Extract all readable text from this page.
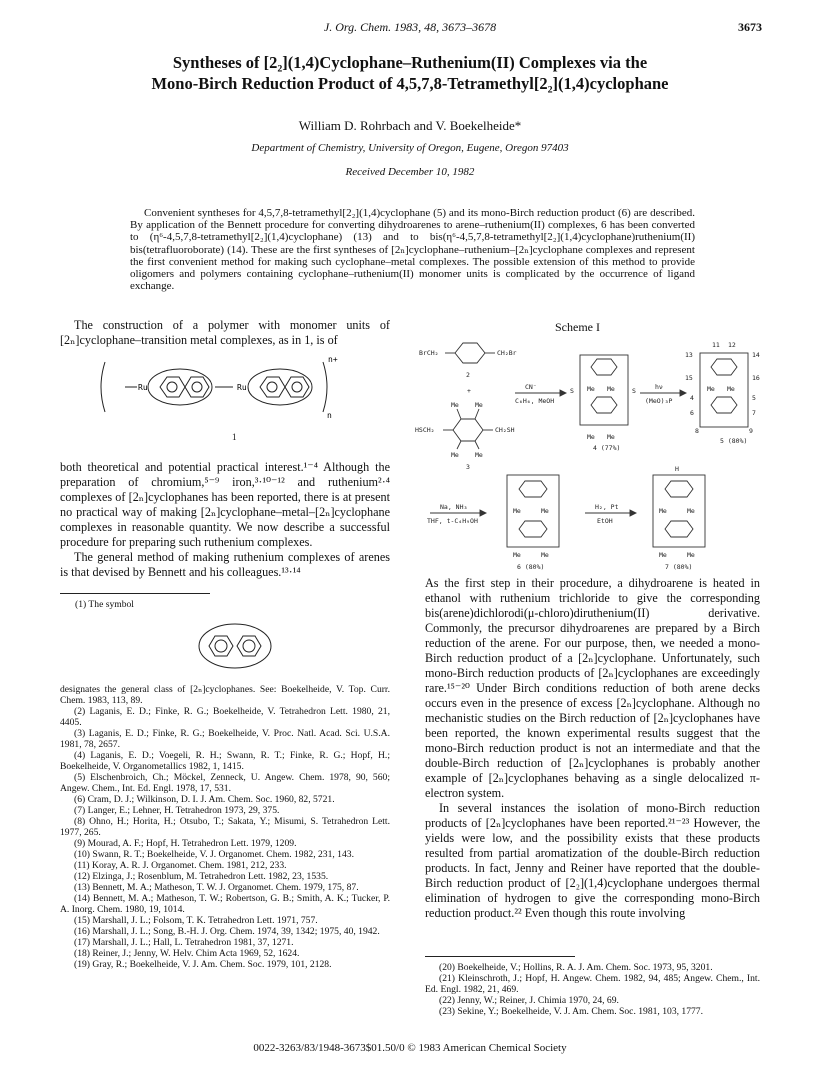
J. Org. Chem. 1983, 48, 3673–3678	3673
Syntheses of [2₂](1,4)Cyclophane–Ruthenium(II) Complexes via the
Mono-Birch Reduction Product of 4,5,7,8-Tetramethyl[2₂](1,4)cyclophane
William D. Rohrbach and V. Boekelheide*
Department of Chemistry, University of Oregon, Eugene, Oregon 97403
Received December 10, 1982
Convenient syntheses for 4,5,7,8-tetramethyl[2₂](1,4)cyclophane (5) and its mono-Birch reduction product (6) are described. By application of the Bennett procedure for converting dihydroarenes to arene–ruthenium(II) complexes, 6 has been converted to (η⁶-4,5,7,8-tetramethyl[2₂](1,4)cyclophane) (13) and to bis(η⁶-4,5,7,8-tetramethyl[2₂](1,4)cyclophane)ruthenium(II) bis(tetrafluoroborate) (14). These are the first syntheses of [2ₙ]cyclophane–ruthenium–[2ₙ]cyclophane complexes and represent the first convenient method for making such cyclophane–metal complexes. The possible extension of this method to provide oligomers and polymers containing cyclophane–ruthenium(II) monomer units is complicated by the occurrence of ligand exchange.

The construction of a polymer with monomer units of [2ₙ]cyclophane–transition metal complexes, as in 1, is of

Ru	Ru
n+
n
1

both theoretical and potential practical interest.¹⁻⁴ Although the preparation of chromium,⁵⁻⁹ iron,³·¹⁰⁻¹² and ruthenium²·⁴ complexes of [2ₙ]cyclophanes has been reported, there is at present no practical way of making [2ₙ]cyclophane–metal–[2ₙ]cyclophane complexes in reasonable quantity. We now describe a successful procedure for preparing such ruthenium complexes.

The general method of making ruthenium complexes of arenes is that devised by Bennett and his colleagues.¹³·¹⁴

(1) The symbol
designates the general class of [2ₙ]cyclophanes. See: Boekelheide, V. Top. Curr. Chem. 1983, 113, 89.
(2) Laganis, E. D.; Finke, R. G.; Boekelheide, V. Tetrahedron Lett. 1980, 21, 4405.
(3) Laganis, E. D.; Finke, R. G.; Boekelheide, V. Proc. Natl. Acad. Sci. U.S.A. 1981, 78, 2657.
(4) Laganis, E. D.; Voegeli, R. H.; Swann, R. T.; Finke, R. G.; Hopf, H.; Boekelheide, V. Organometallics 1982, 1, 1415.
(5) Elschenbroich, Ch.; Möckel, Zenneck, U. Angew. Chem. 1978, 90, 560; Angew. Chem., Int. Ed. Engl. 1978, 17, 531.
(6) Cram, D. J.; Wilkinson, D. I. J. Am. Chem. Soc. 1960, 82, 5721.
(7) Langer, E.; Lehner, H. Tetrahedron 1973, 29, 375.
(8) Ohno, H.; Horita, H.; Otsubo, T.; Sakata, Y.; Misumi, S. Tetrahedron Lett. 1977, 265.
(9) Mourad, A. F.; Hopf, H. Tetrahedron Lett. 1979, 1209.
(10) Swann, R. T.; Boekelheide, V. J. Organomet. Chem. 1982, 231, 143.
(11) Koray, A. R. J. Organomet. Chem. 1981, 212, 233.
(12) Elzinga, J.; Rosenblum, M. Tetrahedron Lett. 1982, 23, 1535.
(13) Bennett, M. A.; Matheson, T. W. J. Organomet. Chem. 1979, 175, 87.
(14) Bennett, M. A.; Matheson, T. W.; Robertson, G. B.; Smith, A. K.; Tucker, P. A. Inorg. Chem. 1980, 19, 1014.
(15) Marshall, J. L.; Folsom, T. K. Tetrahedron Lett. 1971, 757.
(16) Marshall, J. L.; Song, B.-H. J. Org. Chem. 1974, 39, 1342; 1975, 40, 1942.
(17) Marshall, J. L.; Hall, L. Tetrahedron 1981, 37, 1271.
(18) Reiner, J.; Jenny, W. Helv. Chim Acta 1969, 52, 1624.
(19) Gray, R.; Boekelheide, V. J. Am. Chem. Soc. 1979, 101, 2128.
Scheme I
BrCH₂	CH₂Br
2
+
Me Me
HSCH₂	CH₂SH
Me Me
3
CN⁻
C₆H₆, MeOH
S	S
Me Me
Me Me
4 (77%)
hν
(MeO)₃P
Me Me
11 12
13	14
15	16
4	5
6	7
8	9
5 (80%)
Na, NH₃
THF, t-C₄H₉OH
Me	Me
Me	Me
6 (80%)
H₂, Pt
EtOH
H
Me	Me
Me	Me
7 (80%)

As the first step in their procedure, a dihydroarene is heated in ethanol with ruthenium trichloride to give the corresponding bis(arene)dichlorodi(μ-chloro)diruthenium(II) derivative. Commonly, the precursor dihydroarenes are prepared by a Birch reduction of the arene. For our purpose, then, we needed a mono-Birch reduction product of a [2ₙ]cyclophane. Unfortunately, such mono-Birch reduction products of [2ₙ]cyclophanes are exceedingly rare.¹⁵⁻²⁰ Under Birch conditions reduction of both arene decks occurs even in the presence of excess [2ₙ]cyclophane. Although no mechanistic studies on the Birch reduction of [2ₙ]cyclophanes have been reported, the known experimental results suggest that the mono-Birch reduction product is not an intermediate and that the double-Birch reduction of [2ₙ]cyclophanes is probably another example of [2ₙ]cyclophanes behaving as a single delocalized π-electron system.

In several instances the isolation of mono-Birch reduction products of [2ₙ]cyclophanes have been reported.²¹⁻²³ However, the yields were low, and the possibility exists that these products resulted from partial aromatization of the double-Birch reduction products. In fact, Jenny and Reiner have reported that the double-Birch reduction product of [2₂](1,4)cyclophane undergoes thermal elimination of hydrogen to give the corresponding mono-Birch reduction product.²² Even though this route involving

(20) Boekelheide, V.; Hollins, R. A. J. Am. Chem. Soc. 1973, 95, 3201.
(21) Kleinschroth, J.; Hopf, H. Angew. Chem. 1982, 94, 485; Angew. Chem., Int. Ed. Engl. 1982, 21, 469.
(22) Jenny, W.; Reiner, J. Chimia 1970, 24, 69.
(23) Sekine, Y.; Boekelheide, V. J. Am. Chem. Soc. 1981, 103, 1777.
0022-3263/83/1948-3673$01.50/0 © 1983 American Chemical Society
